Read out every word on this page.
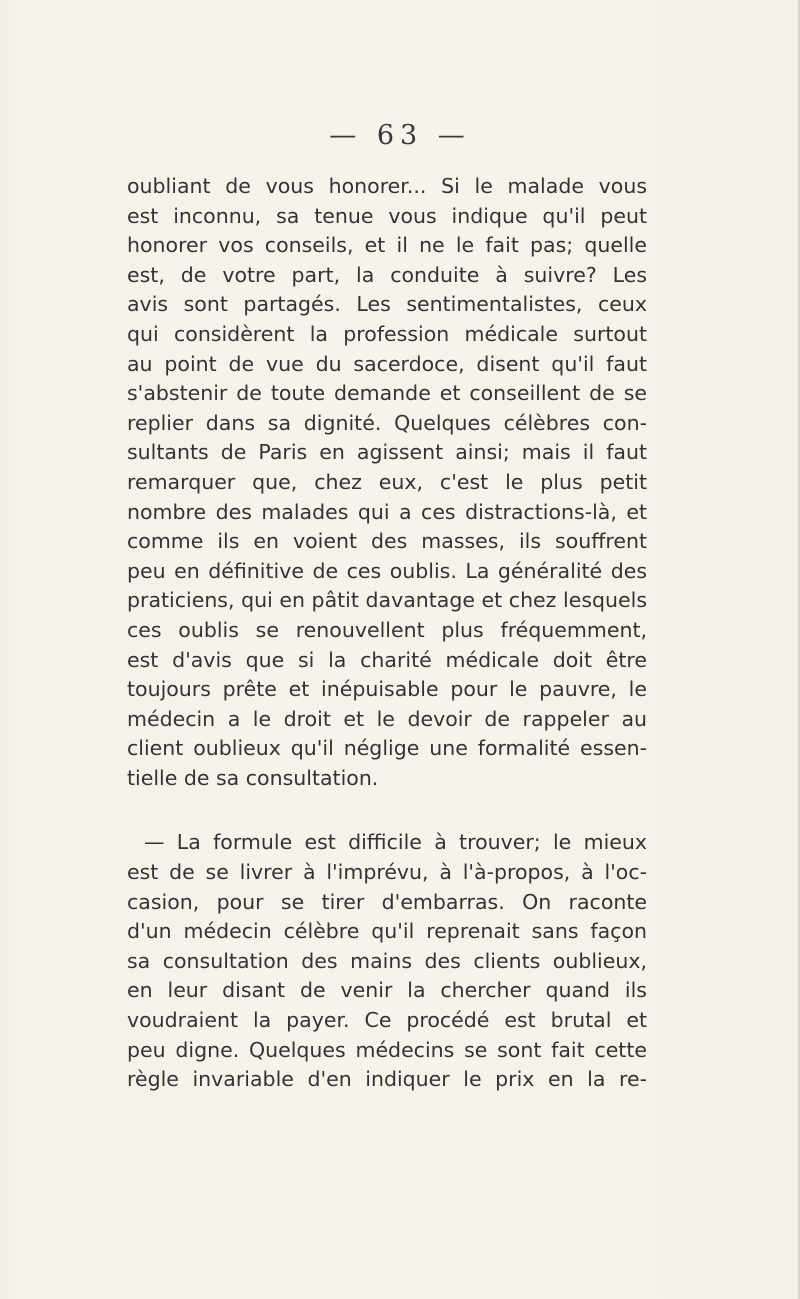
— 63 —
oubliant de vous honorer... Si le malade vous
est inconnu, sa tenue vous indique qu'il peut
honorer vos conseils, et il ne le fait pas; quelle
est, de votre part, la conduite à suivre? Les
avis sont partagés. Les sentimentalistes, ceux
qui considèrent la profession médicale surtout
au point de vue du sacerdoce, disent qu'il faut
s'abstenir de toute demande et conseillent de se
replier dans sa dignité. Quelques célèbres con-
sultants de Paris en agissent ainsi; mais il faut
remarquer que, chez eux, c'est le plus petit
nombre des malades qui a ces distractions-là, et
comme ils en voient des masses, ils souffrent
peu en définitive de ces oublis. La généralité des
praticiens, qui en pâtit davantage et chez lesquels
ces oublis se renouvellent plus fréquemment,
est d'avis que si la charité médicale doit être
toujours prête et inépuisable pour le pauvre, le
médecin a le droit et le devoir de rappeler au
client oublieux qu'il néglige une formalité essen-
tielle de sa consultation.
— La formule est difficile à trouver; le mieux
est de se livrer à l'imprévu, à l'à-propos, à l'oc-
casion, pour se tirer d'embarras. On raconte
d'un médecin célèbre qu'il reprenait sans façon
sa consultation des mains des clients oublieux,
en leur disant de venir la chercher quand ils
voudraient la payer. Ce procédé est brutal et
peu digne. Quelques médecins se sont fait cette
règle invariable d'en indiquer le prix en la re-
